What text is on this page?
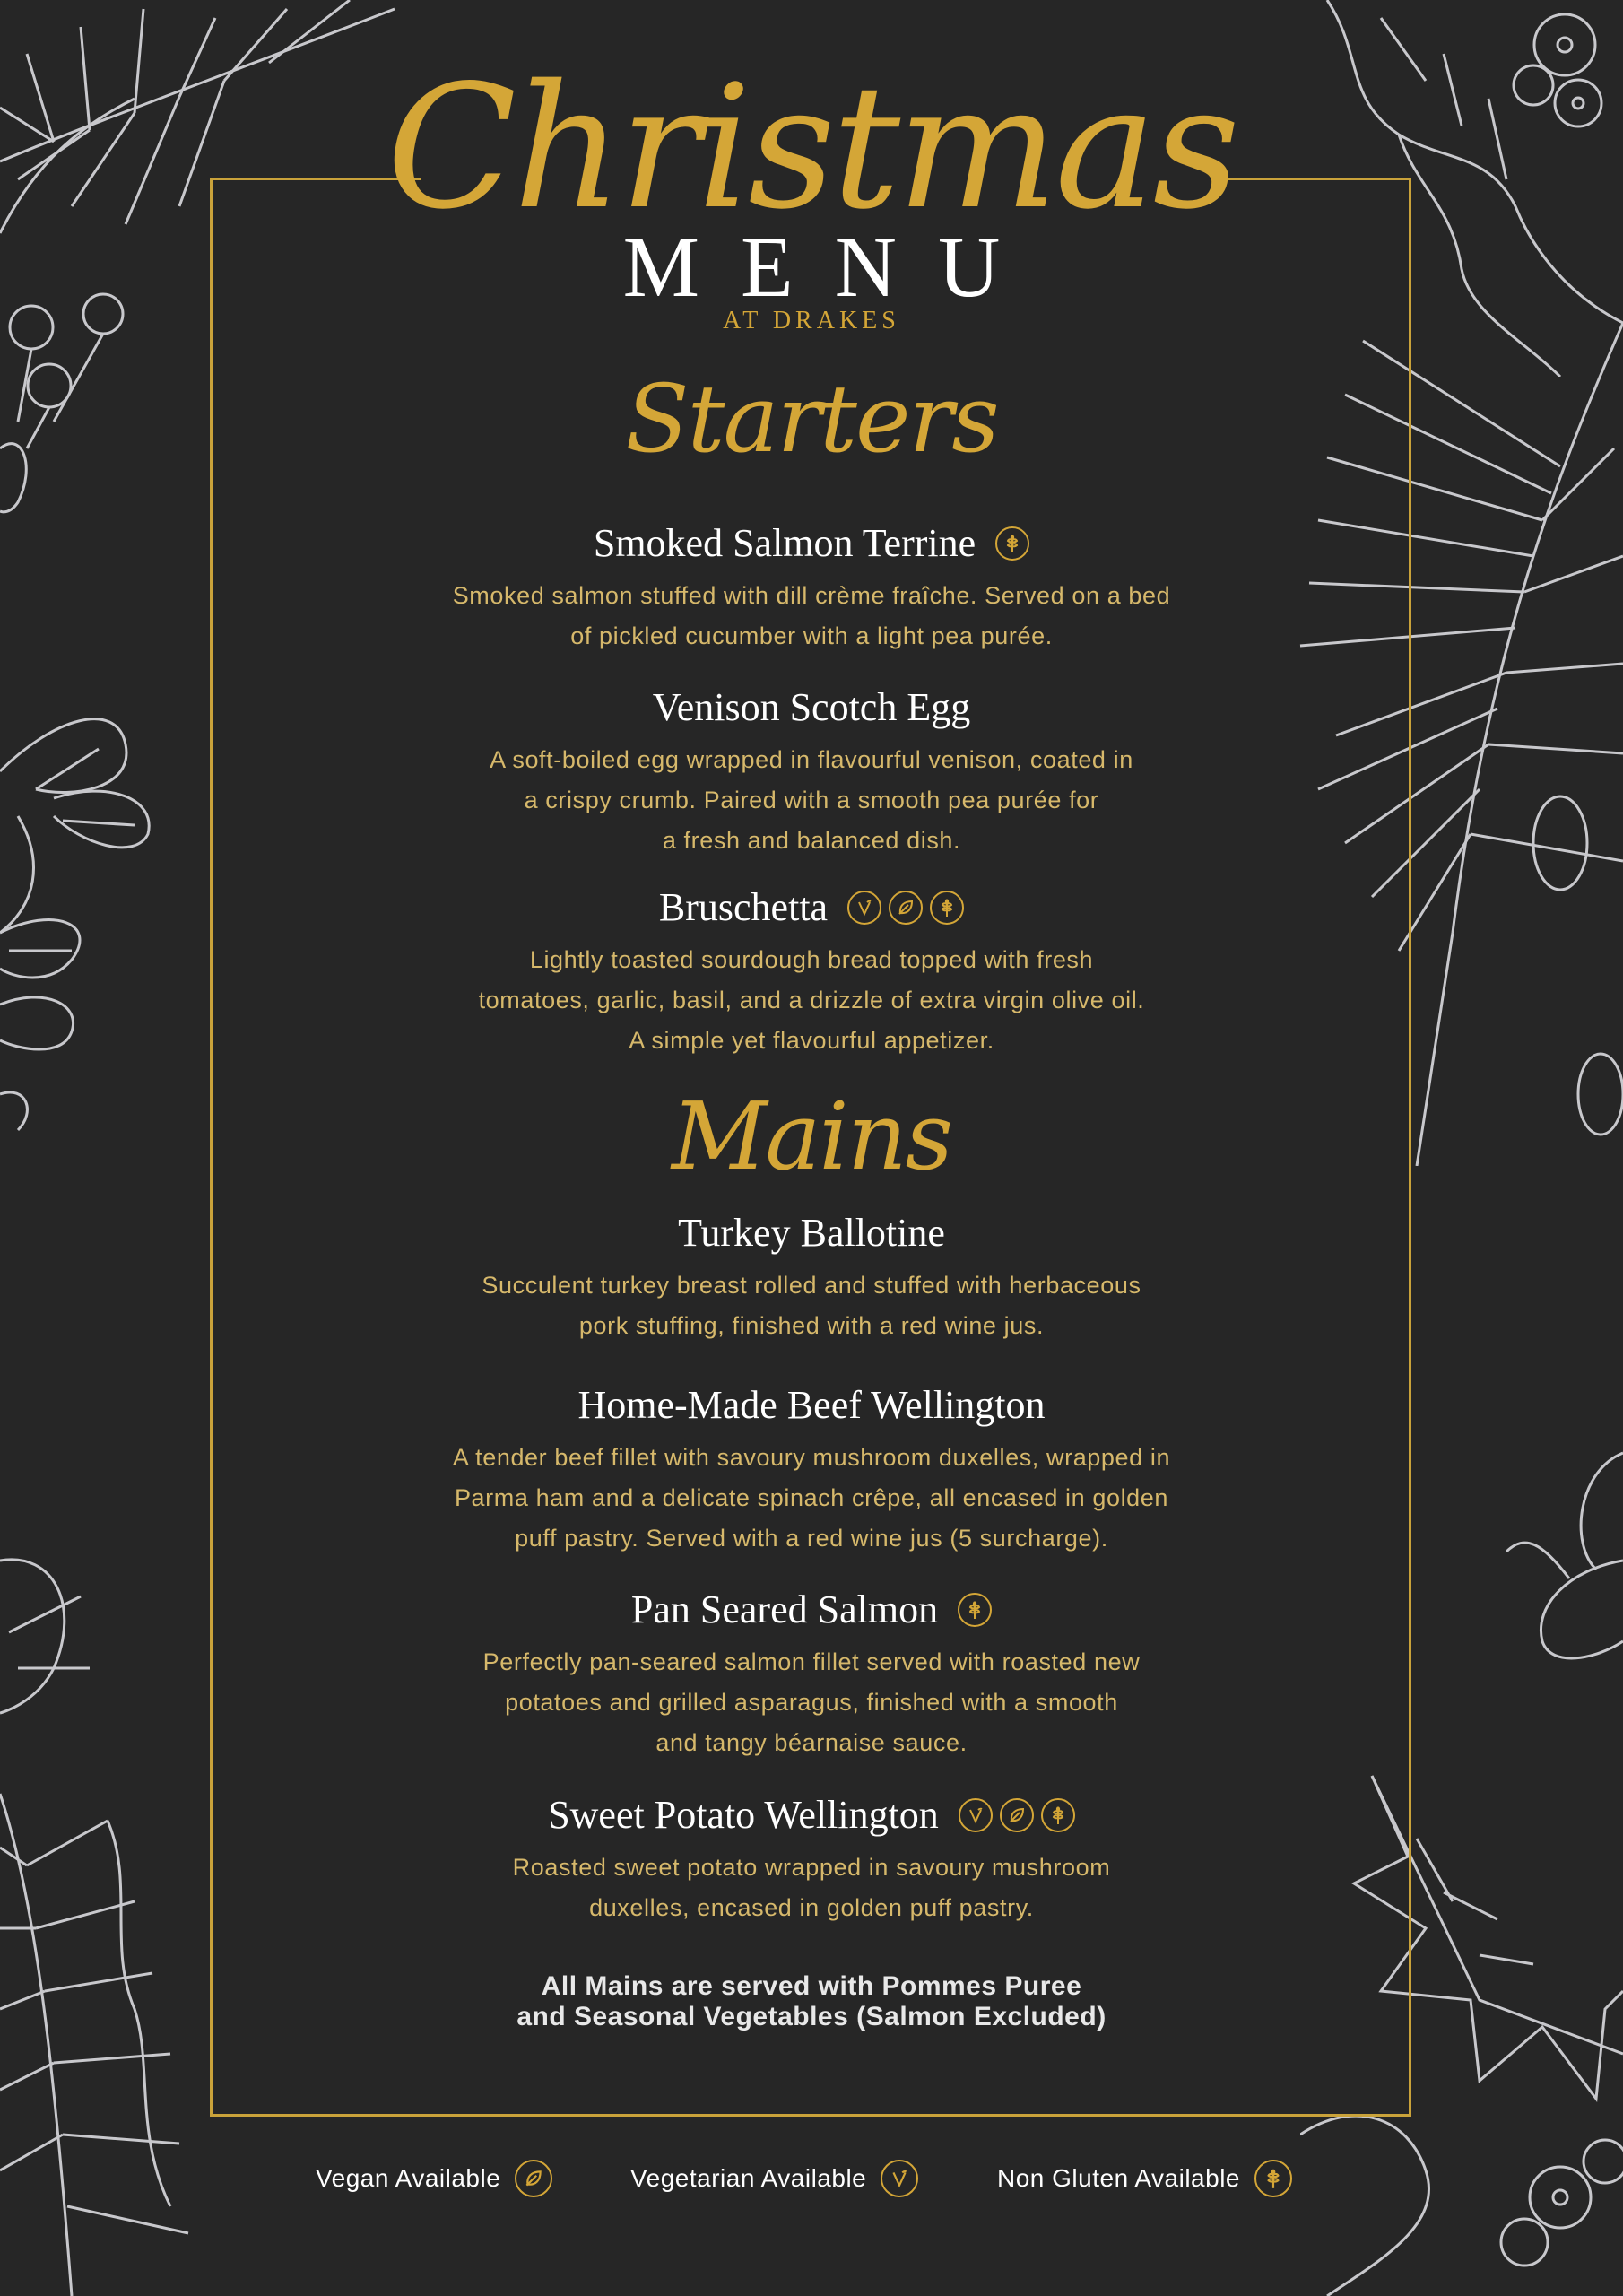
Christmas
MENU
AT DRAKES
Starters
Smoked Salmon Terrine
Smoked salmon stuffed with dill crème fraîche. Served on a bed
of pickled cucumber with a light pea purée.
Venison Scotch Egg
A soft-boiled egg wrapped in flavourful venison, coated in
a crispy crumb. Paired with a smooth pea purée for
a fresh and balanced dish.
Bruschetta
Lightly toasted sourdough bread topped with fresh
tomatoes, garlic, basil, and a drizzle of extra virgin olive oil.
A simple yet flavourful appetizer.
Mains
Turkey Ballotine
Succulent turkey breast rolled and stuffed with herbaceous
pork stuffing, finished with a red wine jus.
Home-Made Beef Wellington
A tender beef fillet with savoury mushroom duxelles, wrapped in
Parma ham and a delicate spinach crêpe, all encased in golden
puff pastry. Served with a red wine jus (5 surcharge).
Pan Seared Salmon
Perfectly pan-seared salmon fillet served with roasted new
potatoes and grilled asparagus, finished with a smooth
and tangy béarnaise sauce.
Sweet Potato Wellington
Roasted sweet potato wrapped in savoury mushroom
duxelles, encased in golden puff pastry.
All Mains are served with Pommes Puree
and Seasonal Vegetables (Salmon Excluded)
Vegan Available	Vegetarian Available	Non Gluten Available
